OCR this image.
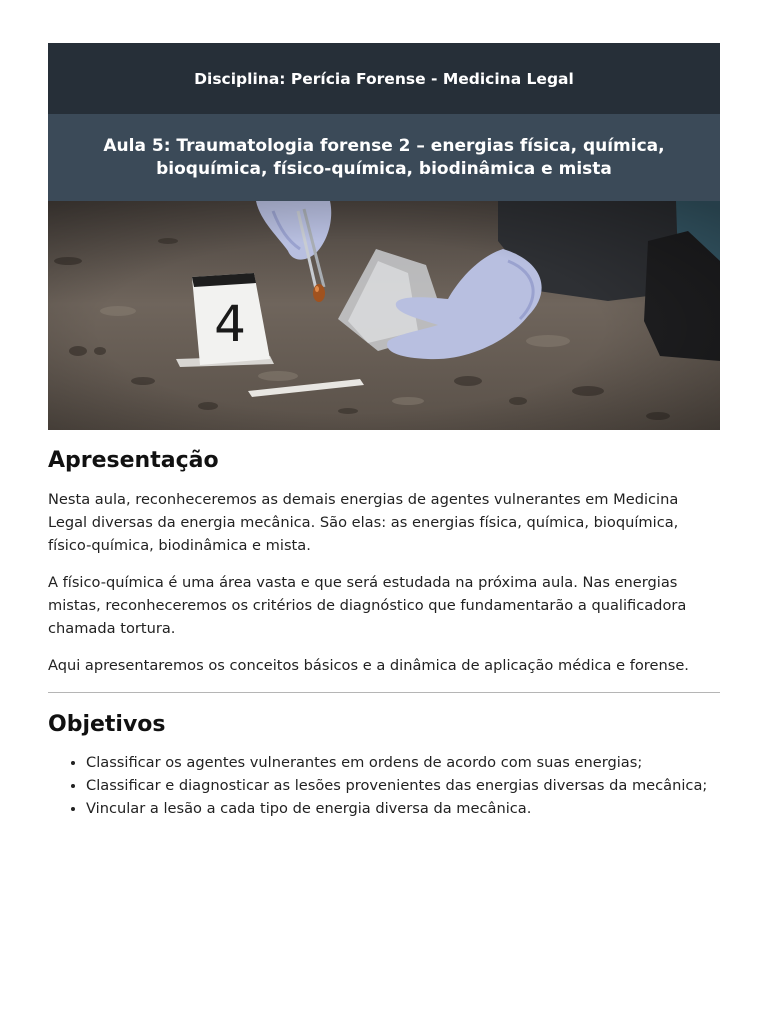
Disciplina: Perícia Forense - Medicina Legal
Aula 5: Traumatologia forense 2 – energias física, química, bioquímica, físico-química, biodinâmica e mista
Apresentação

Nesta aula, reconheceremos as demais energias de agentes vulnerantes em Medicina Legal diversas da energia mecânica. São elas: as energias física, química, bioquímica, físico-química, biodinâmica e mista.

A físico-química é uma área vasta e que será estudada na próxima aula. Nas energias mistas, reconheceremos os critérios de diagnóstico que fundamentarão a qualificadora chamada tortura.

Aqui apresentaremos os conceitos básicos e a dinâmica de aplicação médica e forense.

Objetivos
• Classificar os agentes vulnerantes em ordens de acordo com suas energias;
• Classificar e diagnosticar as lesões provenientes das energias diversas da mecânica;
• Vincular a lesão a cada tipo de energia diversa da mecânica.
